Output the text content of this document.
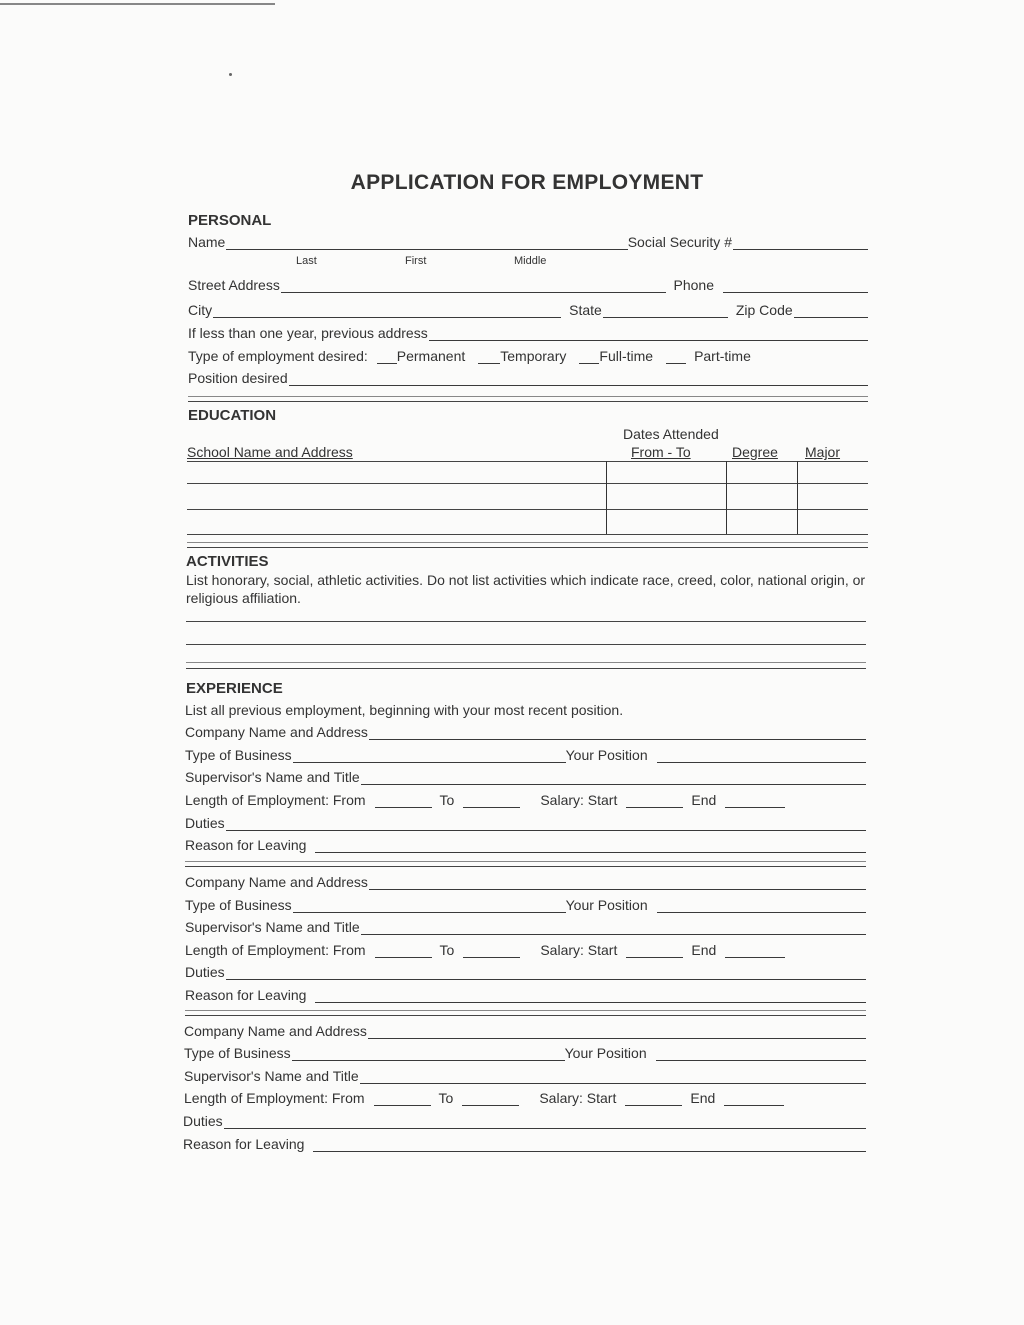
APPLICATION FOR EMPLOYMENT
PERSONAL
Name	Social Security #
Last	First	Middle
Street Address	Phone
City	State	Zip Code
If less than one year, previous address
Type of employment desired: Permanent	Temporary Full-time	Part-time
Position desired
EDUCATION
Dates Attended
School Name and Address	From - To	Degree Major
ACTIVITIES
List honorary, social, athletic activities. Do not list activities which indicate race, creed, color, national origin, or religious affiliation.
EXPERIENCE
List all previous employment, beginning with your most recent position.
Company Name and Address
Type of Business	Your Position
Supervisor's Name and Title
Length of Employment: From	To	Salary: Start	End
Duties
Reason for Leaving
Company Name and Address
Type of Business	Your Position
Supervisor's Name and Title
Length of Employment: From	To	Salary: Start	End
Duties
Reason for Leaving
Company Name and Address
Type of Business	Your Position
Supervisor's Name and Title
Length of Employment: From	To	Salary: Start	End
Duties
Reason for Leaving
